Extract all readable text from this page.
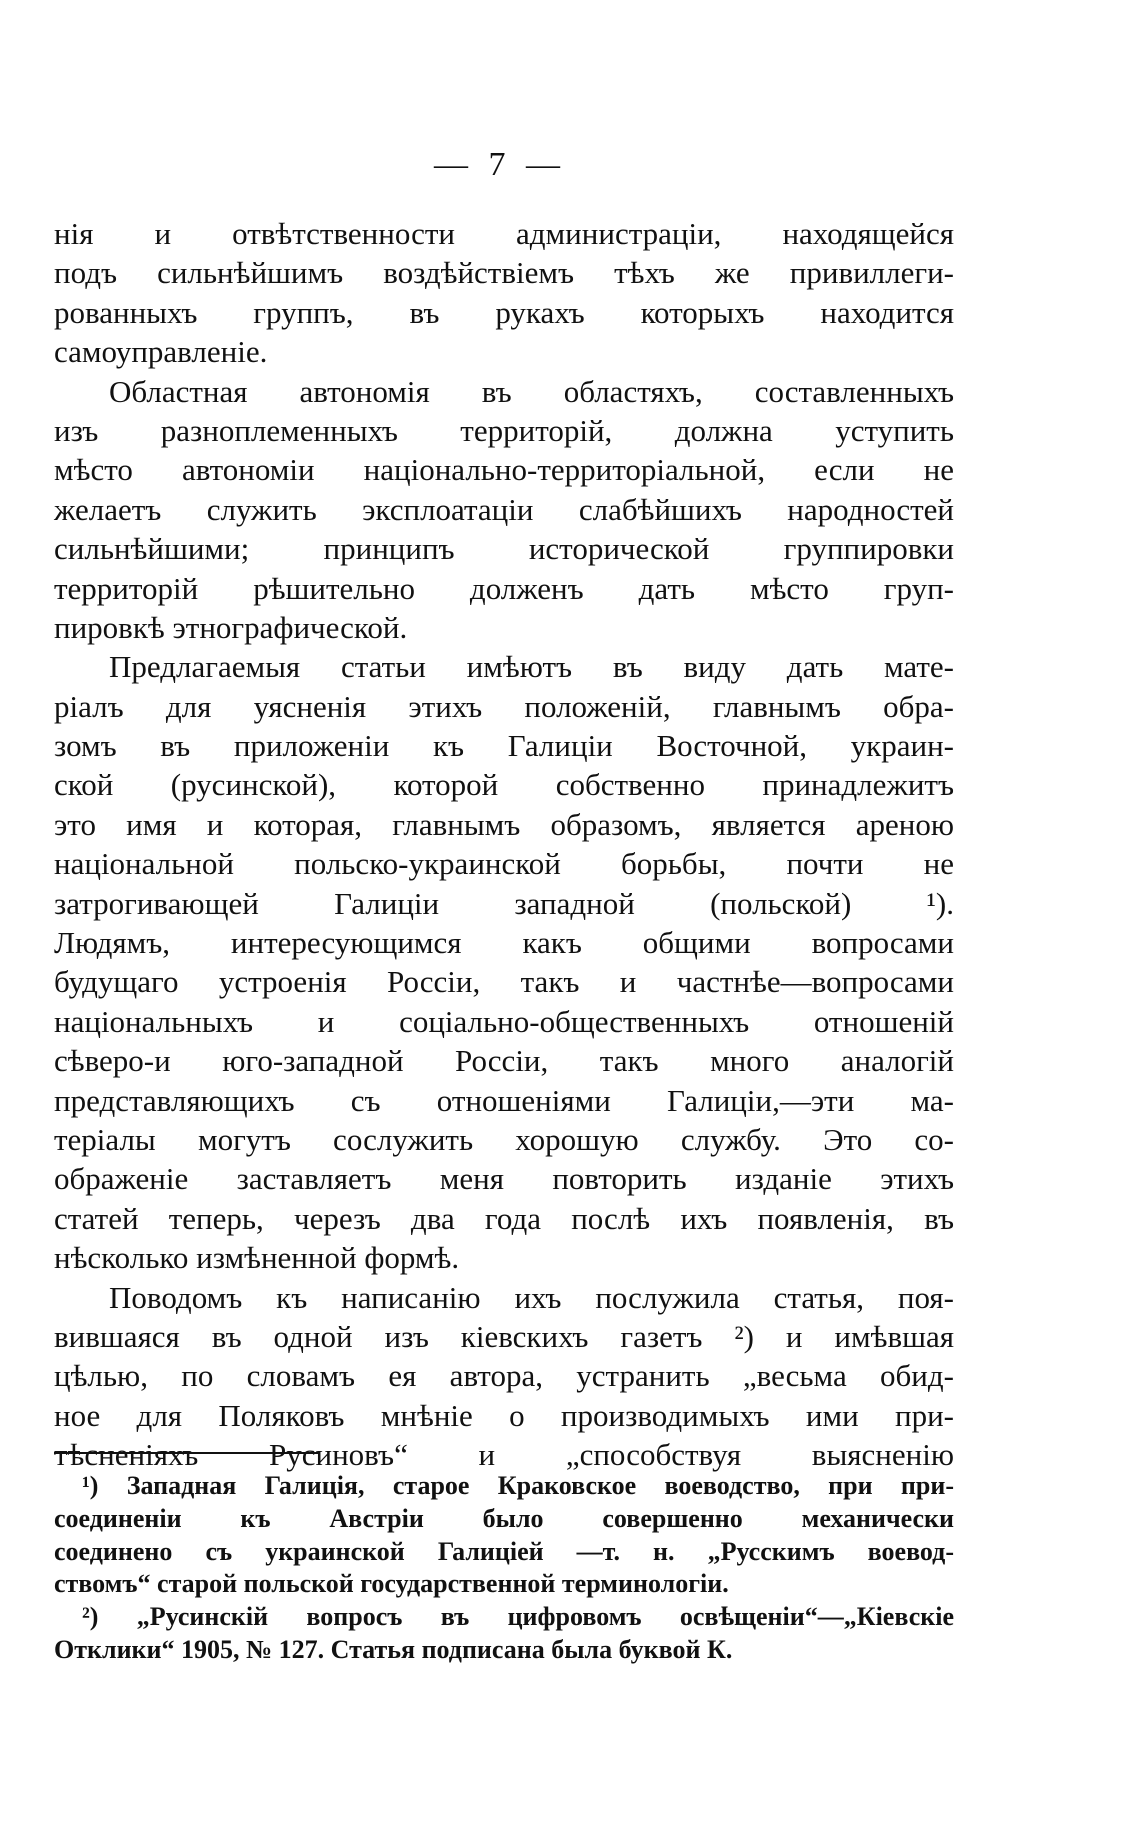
— 7 —
нія и отвѣтственности администраціи, находящейся
подъ сильнѣйшимъ воздѣйствіемъ тѣхъ же привиллеги-
рованныхъ группъ, въ рукахъ которыхъ находится
самоуправленіе.
Областная автономія въ областяхъ, составленныхъ
изъ разноплеменныхъ территорій, должна уступить
мѣсто автономіи національно-территоріальной, если не
желаетъ служить эксплоатаціи слабѣйшихъ народностей
сильнѣйшими; принципъ исторической группировки
территорій рѣшительно долженъ дать мѣсто груп-
пировкѣ этнографической.
Предлагаемыя статьи имѣютъ въ виду дать мате-
ріалъ для уясненія этихъ положеній, главнымъ обра-
зомъ въ приложеніи къ Галиціи Восточной, украин-
ской (русинской), которой собственно принадлежитъ
это имя и которая, главнымъ образомъ, является ареною
національной польско-украинской борьбы, почти не
затрогивающей Галиціи западной (польской) ¹).
Людямъ, интересующимся какъ общими вопросами
будущаго устроенія Россіи, такъ и частнѣе—вопросами
національныхъ и соціально-общественныхъ отношеній
сѣверо-и юго-западной Россіи, такъ много аналогій
представляющихъ съ отношеніями Галиціи,—эти ма-
теріалы могутъ сослужить хорошую службу. Это со-
ображеніе заставляетъ меня повторить изданіе этихъ
статей теперь, черезъ два года послѣ ихъ появленія, въ
нѣсколько измѣненной формѣ.
Поводомъ къ написанію ихъ послужила статья, поя-
вившаяся въ одной изъ кіевскихъ газетъ ²) и имѣвшая
цѣлью, по словамъ ея автора, устранить „весьма обид-
ное для Поляковъ мнѣніе о производимыхъ ими при-
тѣсненіяхъ Русиновъ“ и „способствуя выясненію
¹) Западная Галиція, старое Краковское воеводство, при при-
соединеніи къ Австріи было совершенно механически
соединено съ украинской Галиціей —т. н. „Русскимъ воевод-
ствомъ“ старой польской государственной терминологіи.
²) „Русинскій вопросъ въ цифровомъ освѣщеніи“—„Кіевскіе
Отклики“ 1905, № 127. Статья подписана была буквой К.
